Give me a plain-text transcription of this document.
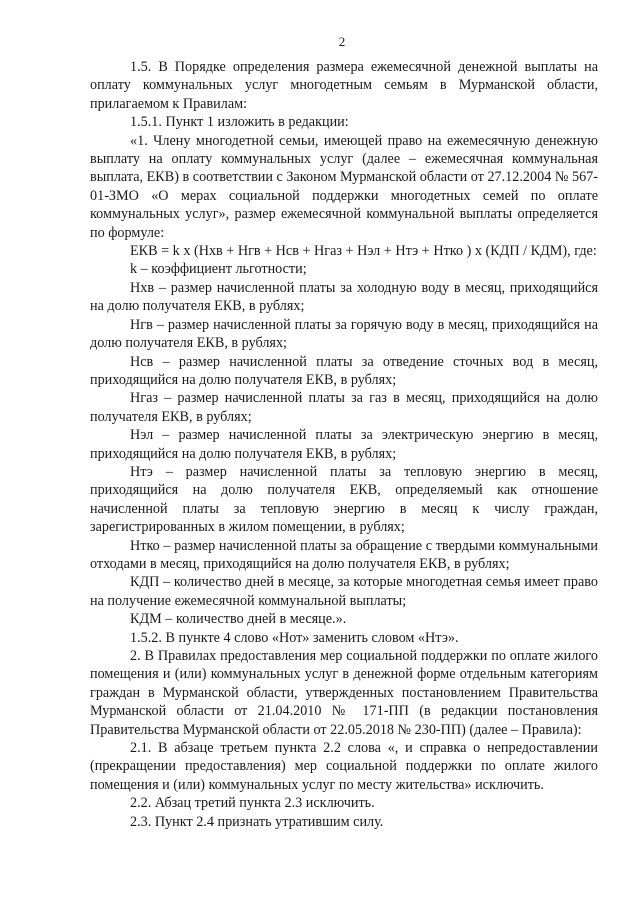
2

1.5. В Порядке определения размера ежемесячной денежной выплаты на оплату коммунальных услуг многодетным семьям в Мурманской области, прилагаемом к Правилам:

1.5.1. Пункт 1 изложить в редакции:

«1. Члену многодетной семьи, имеющей право на ежемесячную денежную выплату на оплату коммунальных услуг (далее – ежемесячная коммунальная выплата, ЕКВ) в соответствии с Законом Мурманской области от 27.12.2004 № 567-01-ЗМО «О мерах социальной поддержки многодетных семей по оплате коммунальных услуг», размер ежемесячной коммунальной выплаты определяется по формуле:

ЕКВ = k x (Нхв + Нгв + Нсв + Нгаз + Нэл + Нтэ + Нтко ) x (КДП / КДМ), где:

k – коэффициент льготности;

Нхв – размер начисленной платы за холодную воду в месяц, приходящийся на долю получателя ЕКВ, в рублях;

Нгв – размер начисленной платы за горячую воду в месяц, приходящийся на долю получателя ЕКВ, в рублях;

Нсв – размер начисленной платы за отведение сточных вод в месяц, приходящийся на долю получателя ЕКВ, в рублях;

Нгаз – размер начисленной платы за газ в месяц, приходящийся на долю получателя ЕКВ, в рублях;

Нэл – размер начисленной платы за электрическую энергию в месяц, приходящийся на долю получателя ЕКВ, в рублях;

Нтэ – размер начисленной платы за тепловую энергию в месяц, приходящийся на долю получателя ЕКВ, определяемый как отношение начисленной платы за тепловую энергию в месяц к числу граждан, зарегистрированных в жилом помещении, в рублях;

Нтко – размер начисленной платы за обращение с твердыми коммунальными отходами в месяц, приходящийся на долю получателя ЕКВ, в рублях;

КДП – количество дней в месяце, за которые многодетная семья имеет право на получение ежемесячной коммунальной выплаты;

КДМ – количество дней в месяце.».

1.5.2. В пункте 4 слово «Нот» заменить словом «Нтэ».

2. В Правилах предоставления мер социальной поддержки по оплате жилого помещения и (или) коммунальных услуг в денежной форме отдельным категориям граждан в Мурманской области, утвержденных постановлением Правительства Мурманской области от 21.04.2010 № 171-ПП (в редакции постановления Правительства Мурманской области от 22.05.2018 № 230-ПП) (далее – Правила):

2.1. В абзаце третьем пункта 2.2 слова «, и справка о непредоставлении (прекращении предоставления) мер социальной поддержки по оплате жилого помещения и (или) коммунальных услуг по месту жительства» исключить.

2.2. Абзац третий пункта 2.3 исключить.

2.3. Пункт 2.4 признать утратившим силу.
